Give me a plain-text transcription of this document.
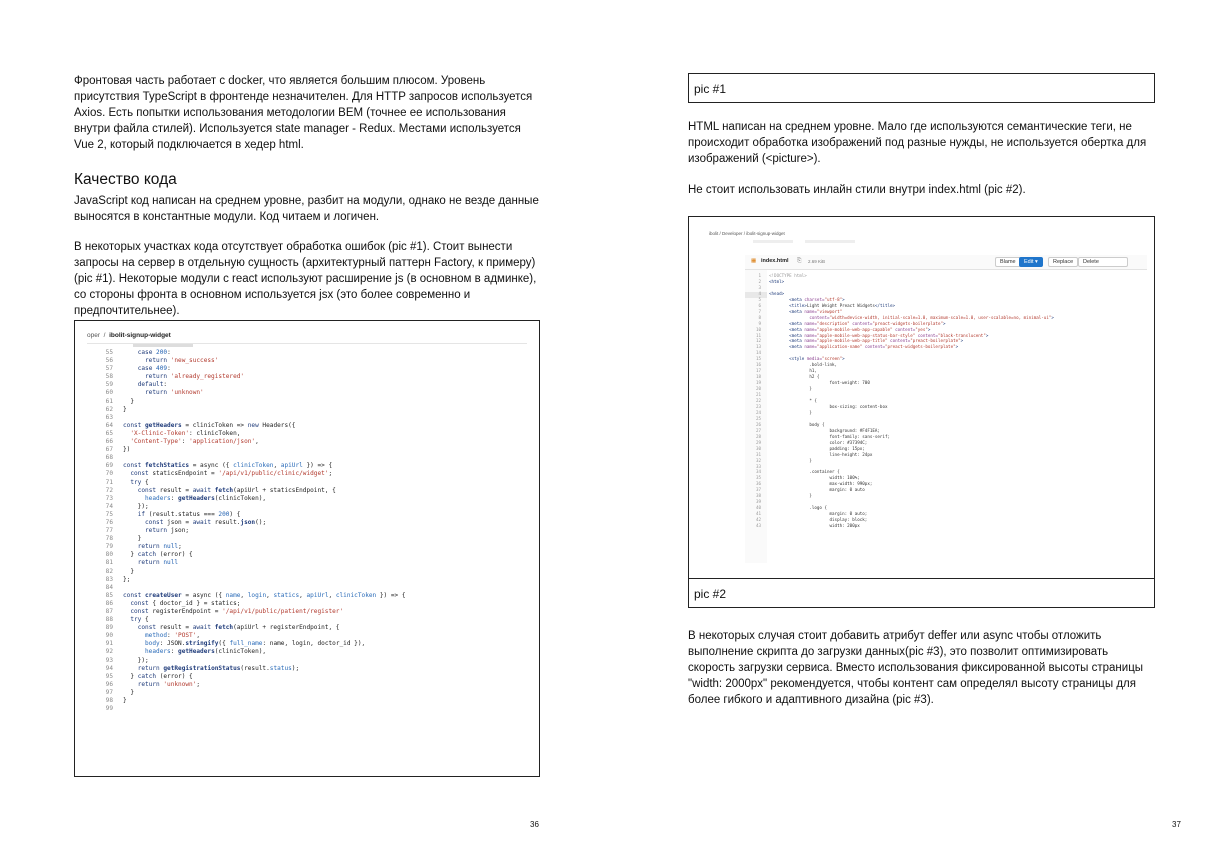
Фронтовая часть работает с docker, что является большим плюсом. Уровень присутствия TypeScript в фронтенде незначителен. Для HTTP запросов используется Axios. Есть попытки использования методологии BEM (точнее ее использования внутри файла стилей). Используется state manager - Redux. Местами используется Vue 2, который подключается в хедер html.

Качество кода

JavaScript код написан на среднем уровне, разбит на модули, однако не везде данные выносятся в константные модули. Код читаем и логичен.

В некоторых участках кода отсутствует обработка ошибок (pic #1). Стоит вынести запросы на сервер в отдельную сущность (архитектурный паттерн Factory, к примеру) (pic #1). Некоторые модули с react используют расширение js (в основном в админке), со стороны фронта в основном используется jsx (это более современно и предпочтительнее).

oper / ibolit-signup-widget
55	case 200:
56	return 'new_success'
57	case 409:
58	return 'already_registered'
59	default:
60	return 'unknown'
61  }
62 }
63
64 const getHeaders = clinicToken => new Headers({
65	'X-Clinic-Token': clinicToken,
66	'Content-Type': 'application/json',
67 })
68
69 const fetchStatics = async ({ clinicToken, apiUrl }) => {
70	const staticsEndpoint = '/api/v1/public/clinic/widget';
71	try {
72	const result = await fetch(apiUrl + staticsEndpoint, {
73	headers: getHeaders(clinicToken),
74    });
75	if (result.status === 200) {
76	const json = await result.json();
77	return json;
78    }
79	return null;
80  } catch (error) {
81	return null
82  }
83 };
84
85 const createUser = async ({ name, login, statics, apiUrl, clinicToken }) => {
86	const { doctor_id } = statics;
87	const registerEndpoint = '/api/v1/public/patient/register'
88	try {
89	const result = await fetch(apiUrl + registerEndpoint, {
90	method: 'POST',
91	body: JSON.stringify({ full_name: name, login, doctor_id }),
92	headers: getHeaders(clinicToken),
93    });
94	return getRegistrationStatus(result.status);
95  } catch (error) {
96	return 'unknown';
97  }
98 }
99
36
pic #1

HTML написан на среднем уровне. Мало где используются семантические теги, не происходит обработка изображений под разные нужды, не используется обертка для изображений (<picture>).

Не стоит использовать инлайн стили внутри index.html (pic #2).

ibolit / Developer / ibolit-signup-widget
▦ index.html ⎘ 2.69 KiB	Blame	Edit ▾	Replace	Delete
1 <!DOCTYPE html>
2 <html>
3
4 <head>
5	<meta charset="utf-8">
6	<title>Light Weight Preact Widgets</title>
7	<meta name="viewport"
8	content="width=device-width, initial-scale=1.0, maximum-scale=1.0, user-scalable=no, minimal-ui">
9	<meta name="description" content="preact-widgets-boilerplate">
10	<meta name="apple-mobile-web-app-capable" content="yes">
11	<meta name="apple-mobile-web-app-status-bar-style" content="black-translucent">
12	<meta name="apple-mobile-web-app-title" content="preact-boilerplate">
13	<meta name="application-name" content="preact-widgets-boilerplate">
14
15	<style media="screen">
16                .bold-link,
17                h1,
18                h2 {
19                        font-weight: 700
20                }
21
22                * {
23                        box-sizing: content-box
24                }
25
26                body {
27                        background: #F4F1EA;
28                        font-family: sans-serif;
29                        color: #37394C;
30                        padding: 15px;
31                        line-height: 24px
32                }
33
34                .container {
35                        width: 100%;
36                        max-width: 990px;
37                        margin: 0 auto
38                }
39
40                .logo {
41                        margin: 0 auto;
42                        display: block;
43                        width: 200px
pic #2

В некоторых случая стоит добавить атрибут deffer или async чтобы отложить выполнение скрипта до загрузки данных(pic #3), это позволит оптимизировать скорость загрузки сервиса. Вместо использования фиксированной высоты страницы "width: 2000px" рекомендуется, чтобы контент сам определял высоту страницы для более гибкого и адаптивного дизайна (pic #3).

37
